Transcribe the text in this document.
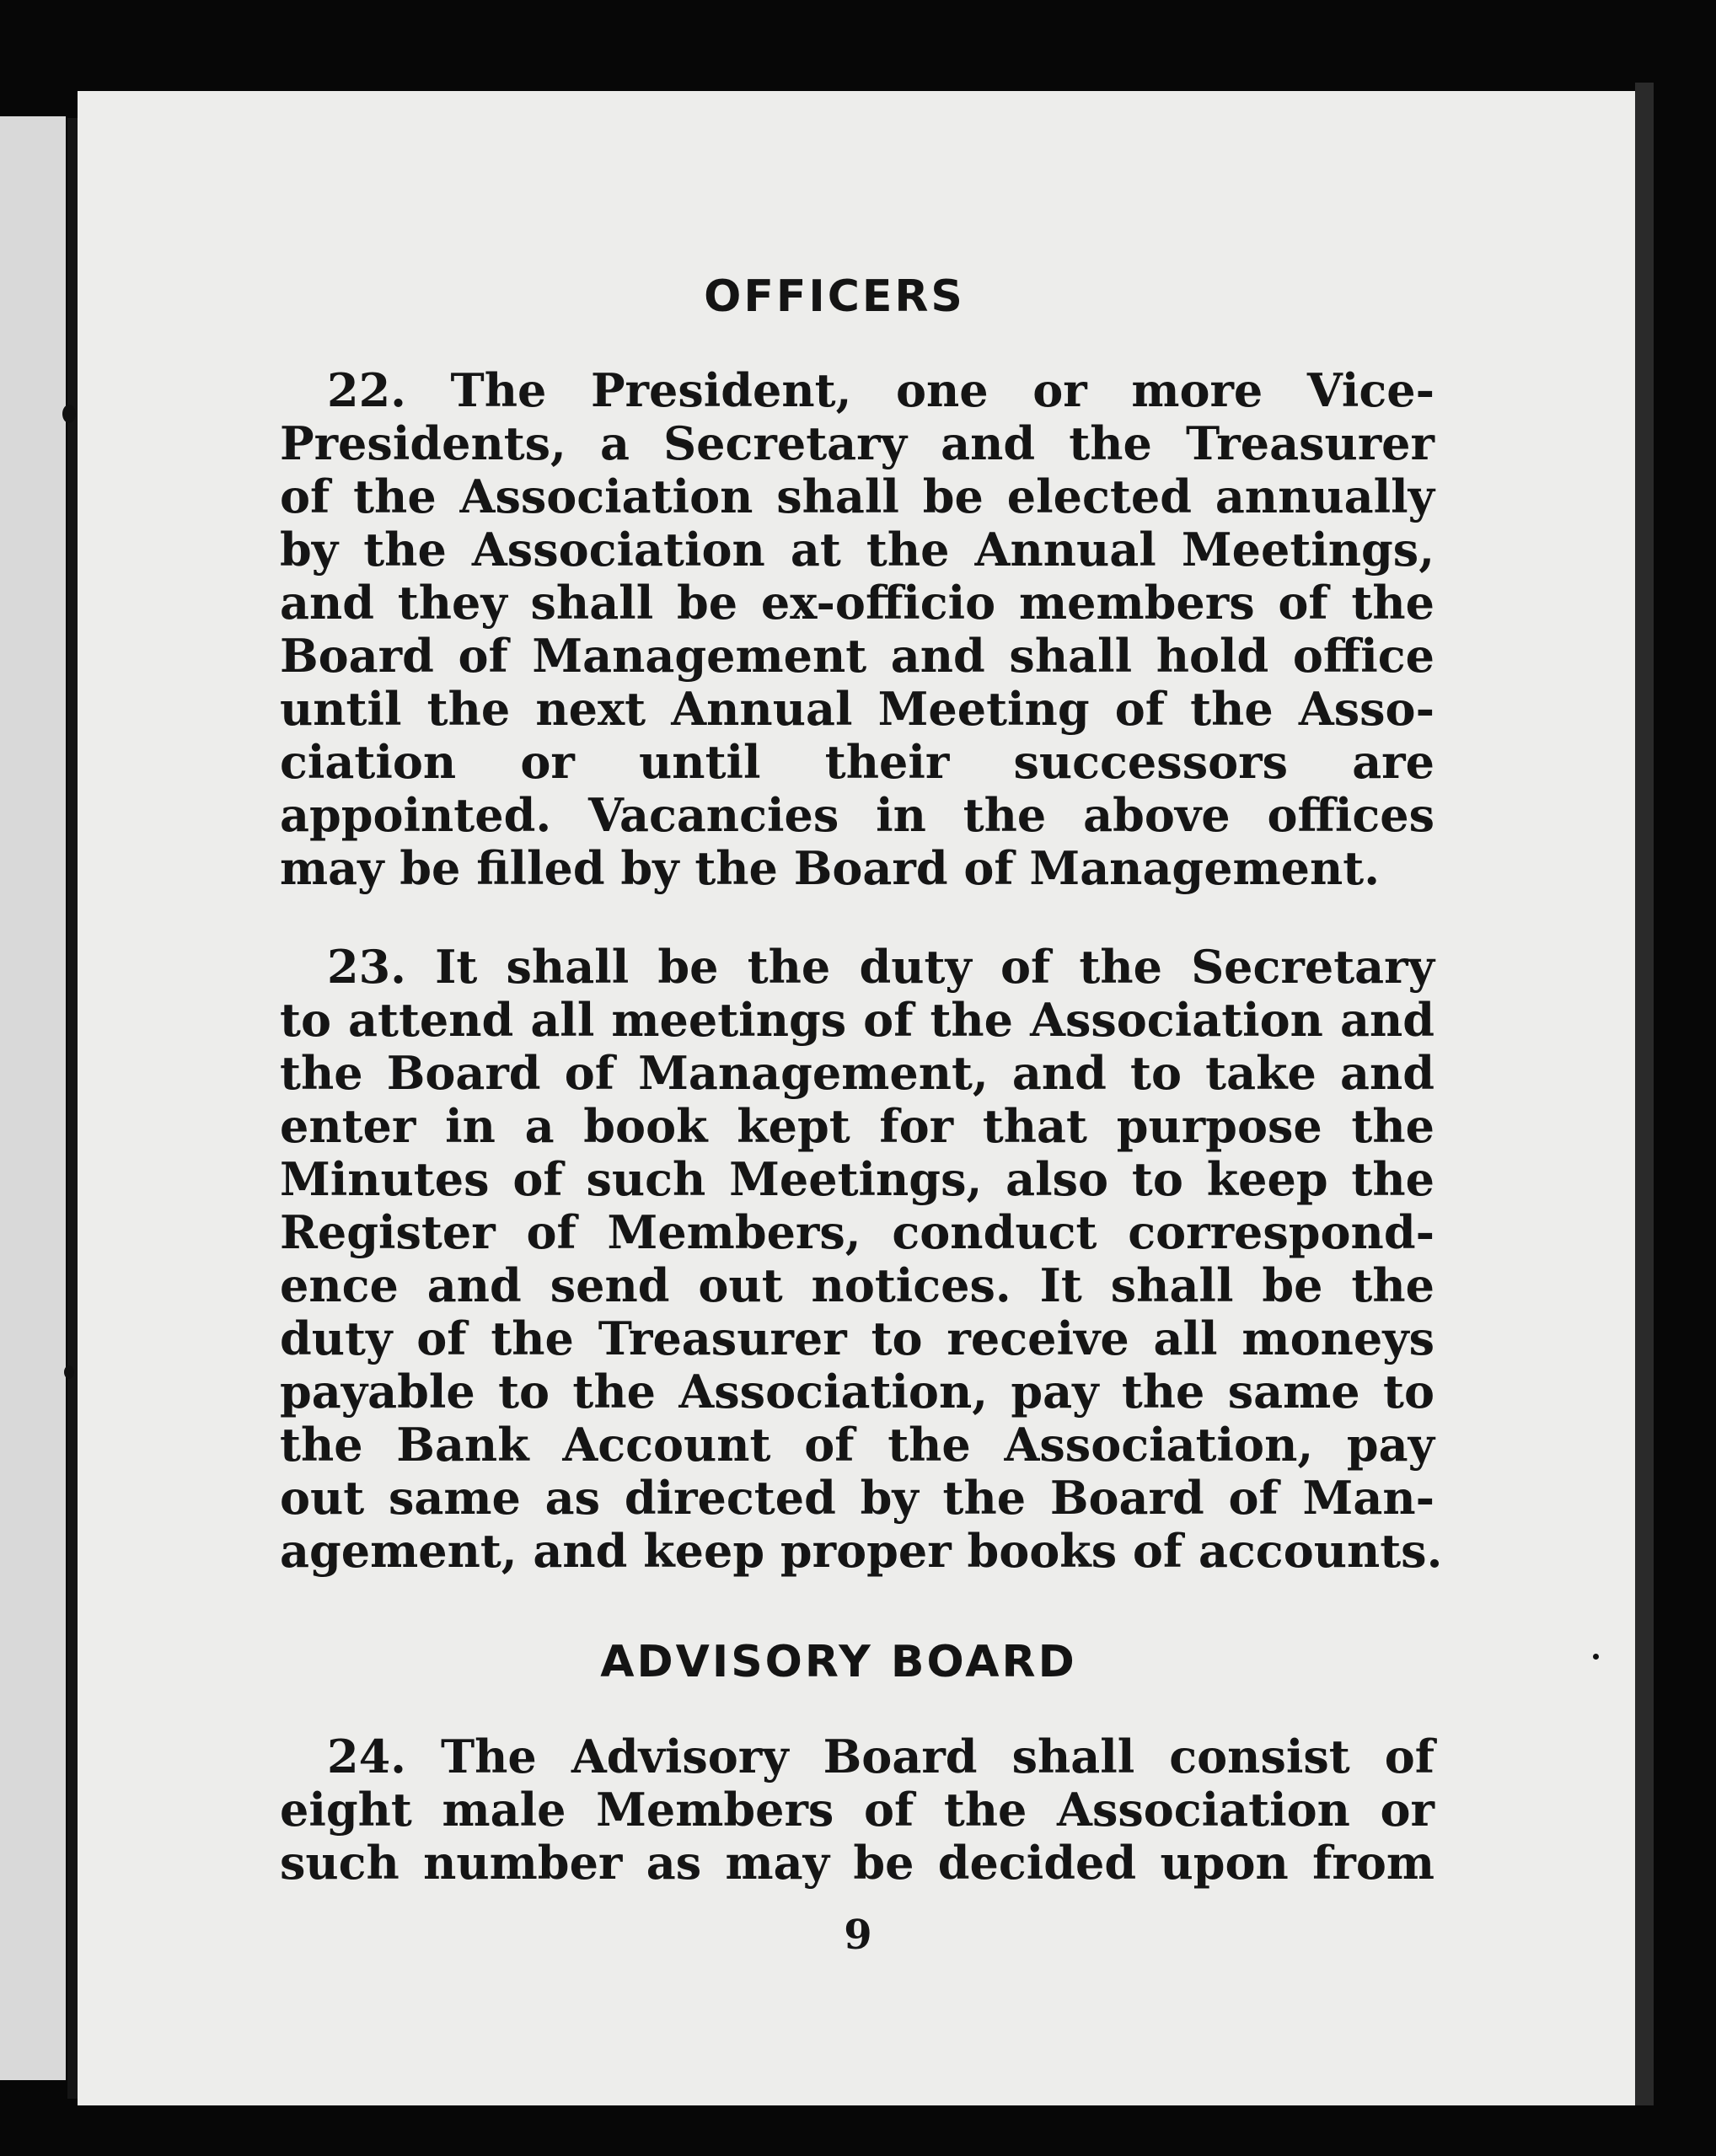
OFFICERS
22. The President, one or more Vice-
Presidents, a Secretary and the Treasurer
of the Association shall be elected annually
by the Association at the Annual Meetings,
and they shall be ex-officio members of the
Board of Management and shall hold office
until the next Annual Meeting of the Asso-
ciation or until their successors are
appointed. Vacancies in the above offices
may be filled by the Board of Management.
23. It shall be the duty of the Secretary
to attend all meetings of the Association and
the Board of Management, and to take and
enter in a book kept for that purpose the
Minutes of such Meetings, also to keep the
Register of Members, conduct correspond-
ence and send out notices. It shall be the
duty of the Treasurer to receive all moneys
payable to the Association, pay the same to
the Bank Account of the Association, pay
out same as directed by the Board of Man-
agement, and keep proper books of accounts.
ADVISORY BOARD
24. The Advisory Board shall consist of
eight male Members of the Association or
such number as may be decided upon from

9
